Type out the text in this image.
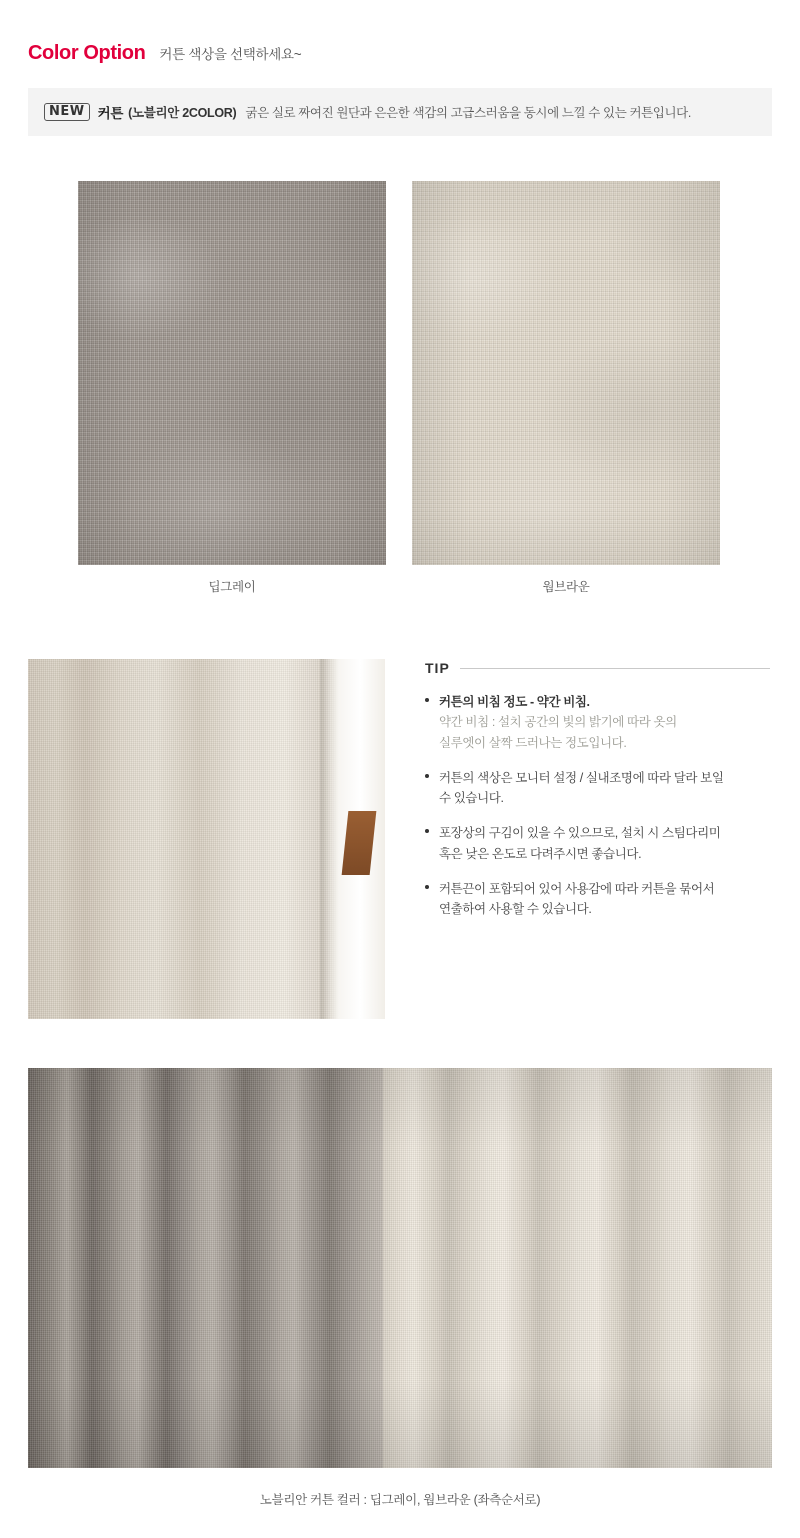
Color Option 커튼 색상을 선택하세요~
NEW 커튼 (노블리안 2COLOR) 굵은 실로 짜여진 원단과 은은한 색감의 고급스러움을 동시에 느낄 수 있는 커튼입니다.
딥그레이	웜브라운
TIP
커튼의 비침 정도 - 약간 비침.
약간 비침 : 설치 공간의 빛의 밝기에 따라 옷의
실루엣이 살짝 드러나는 정도입니다.
커튼의 색상은 모니터 설정 / 실내조명에 따라 달라 보일
수 있습니다.
포장상의 구김이 있을 수 있으므로, 설치 시 스팀다리미
혹은 낮은 온도로 다려주시면 좋습니다.
커튼끈이 포함되어 있어 사용감에 따라 커튼을 묶어서
연출하여 사용할 수 있습니다.
노블리안 커튼 컬러 : 딥그레이, 웜브라운 (좌측순서로)
